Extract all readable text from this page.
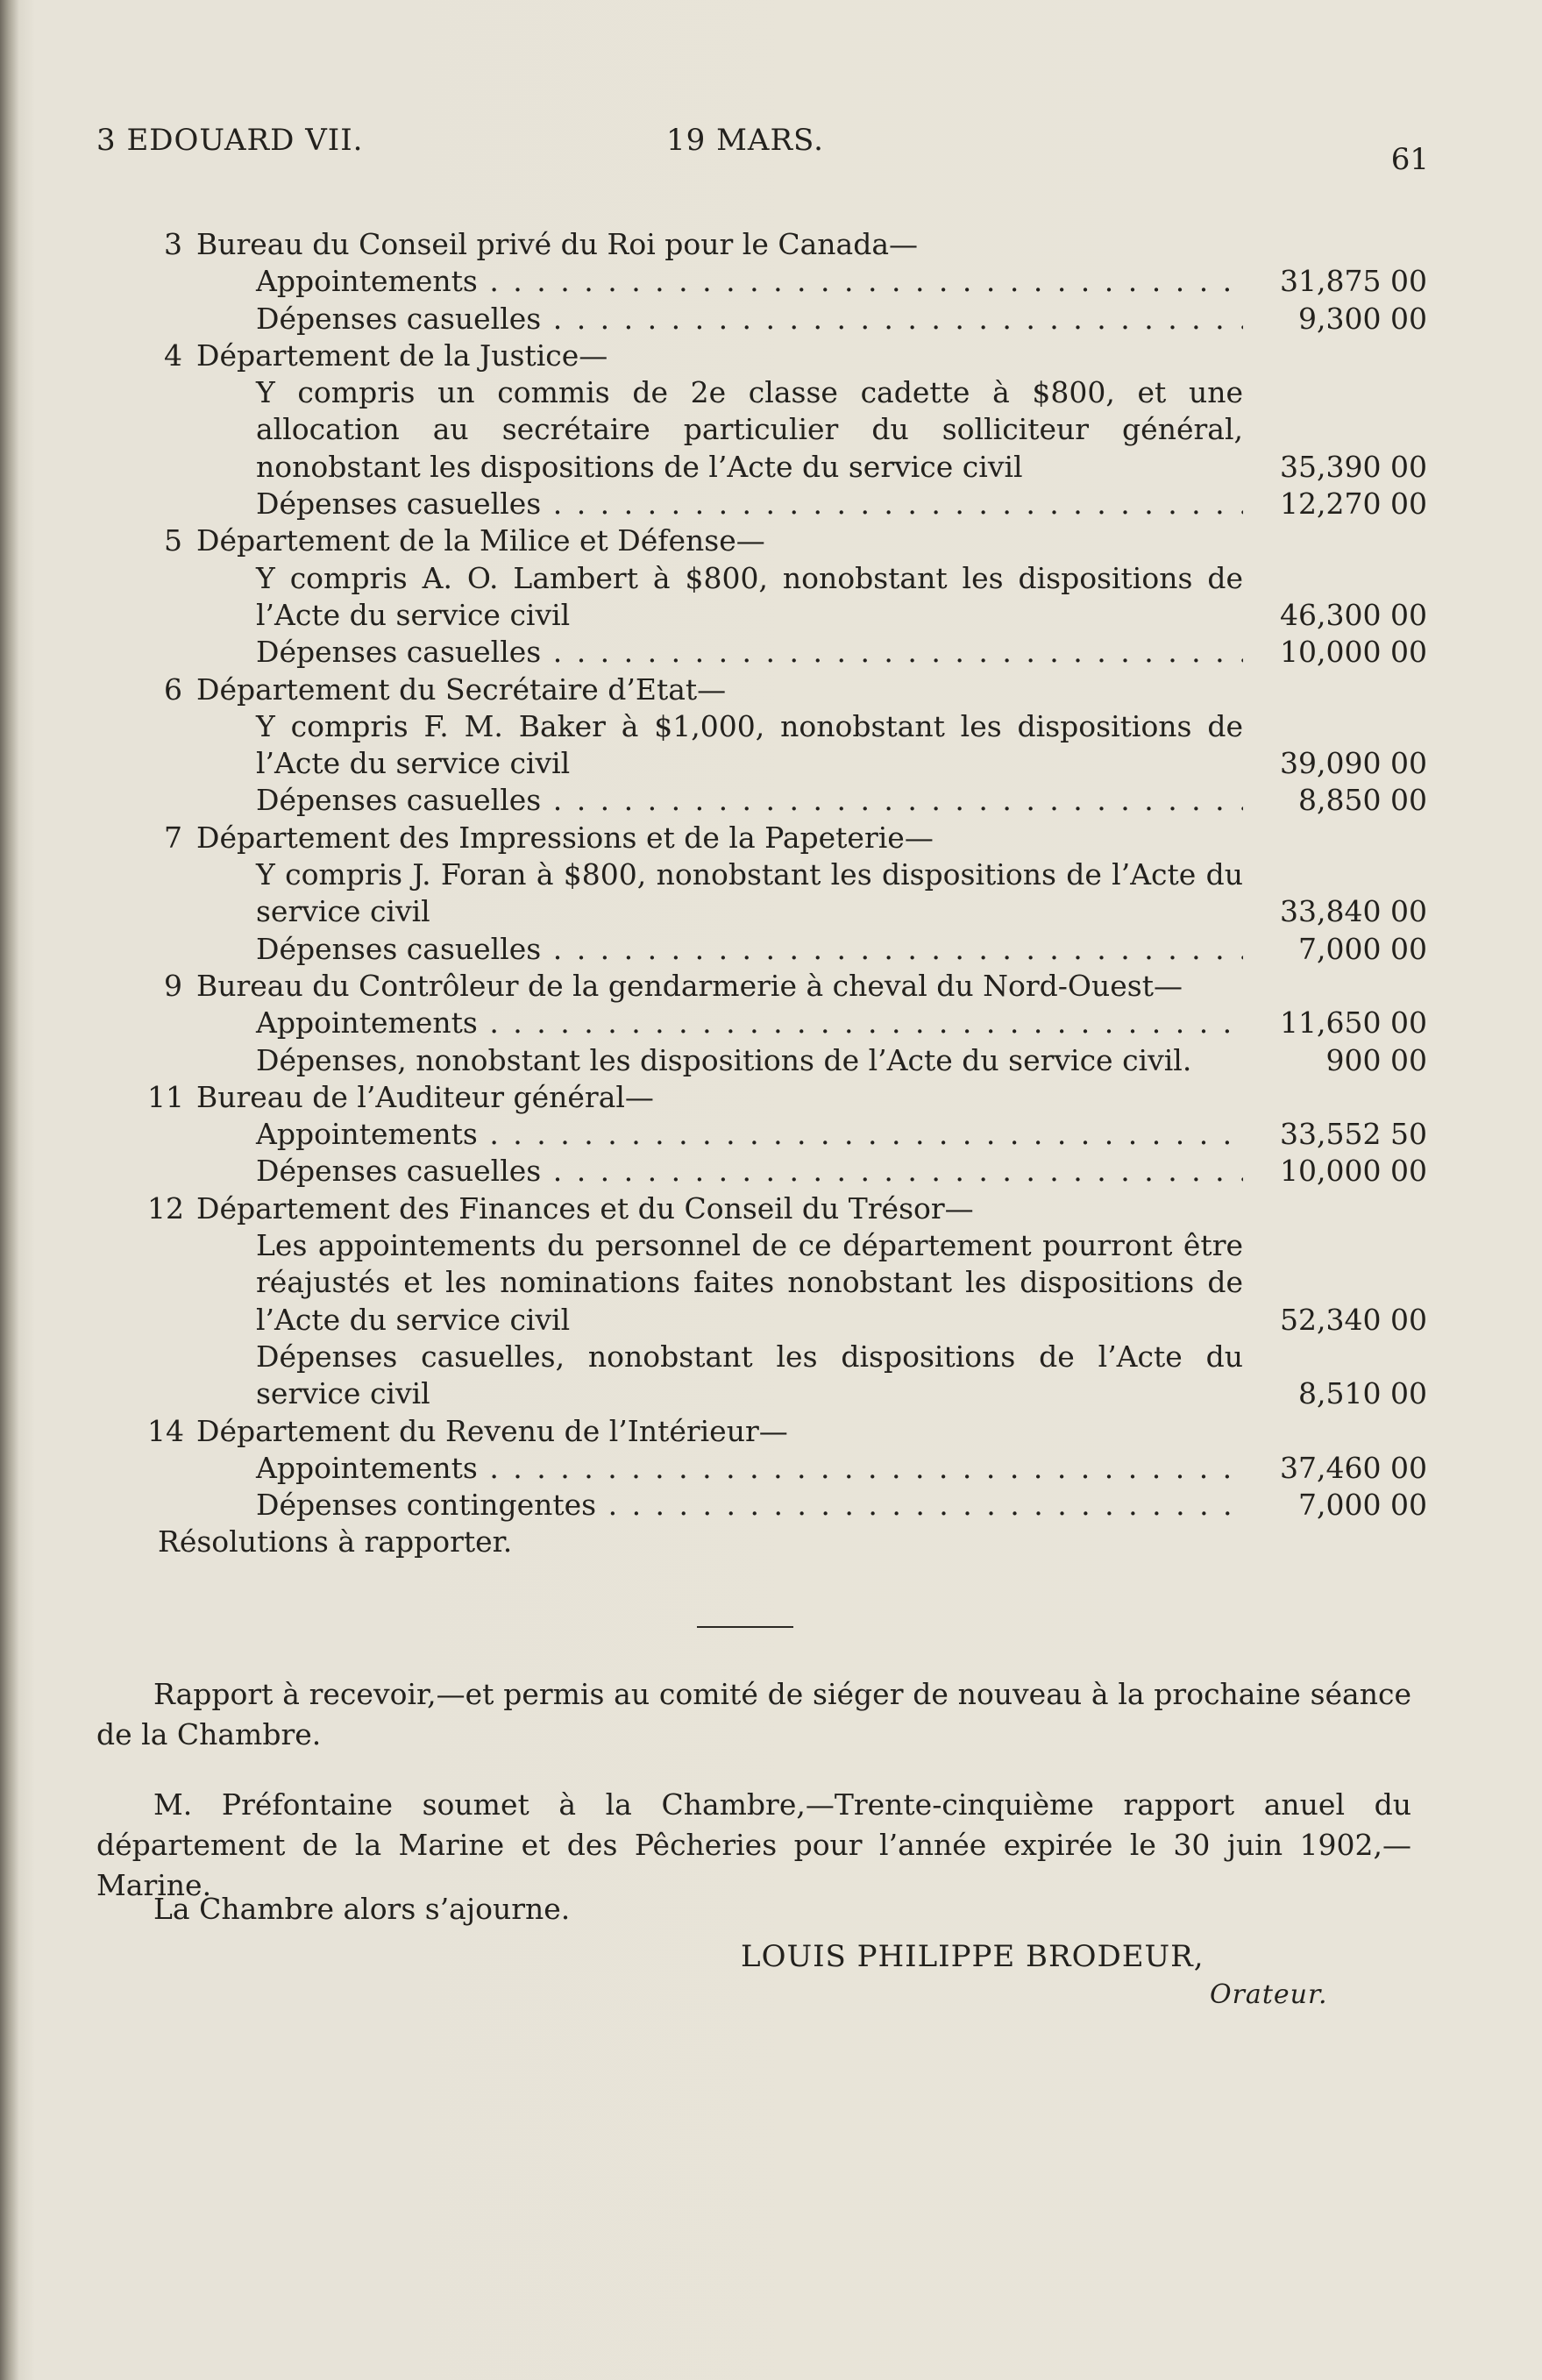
3 EDOUARD VII.	19 MARS.
61
3 Bureau du Conseil privé du Roi pour le Canada—
Appointements . . .	31,875 00
Dépenses casuelles . . .	9,300 00
4 Département de la Justice—
Y compris un commis de 2e classe cadette à $800, et une allocation au secrétaire particulier du solliciteur général, nonobstant les dispositions de l’Acte du service civil	35,390 00
Dépenses casuelles . . .	12,270 00
5 Département de la Milice et Défense—
Y compris A. O. Lambert à $800, nonobstant les dispositions de l’Acte du service civil	46,300 00
Dépenses casuelles . . .	10,000 00
6 Département du Secrétaire d’Etat—
Y compris F. M. Baker à $1,000, nonobstant les dispositions de l’Acte du service civil	39,090 00
Dépenses casuelles . . .	8,850 00
7 Département des Impressions et de la Papeterie—
Y compris J. Foran à $800, nonobstant les dispositions de l’Acte du service civil	33,840 00
Dépenses casuelles . . .	7,000 00
9 Bureau du Contrôleur de la gendarmerie à cheval du Nord-Ouest—
Appointements . . .	11,650 00
Dépenses, nonobstant les dispositions de l’Acte du service civil.	900 00
11 Bureau de l’Auditeur général—
Appointements . . .	33,552 50
Dépenses casuelles . . .	10,000 00
12 Département des Finances et du Conseil du Trésor—
Les appointements du personnel de ce département pourront être réajustés et les nominations faites nonobstant les dispositions de l’Acte du service civil	52,340 00
Dépenses casuelles, nonobstant les dispositions de l’Acte du service civil	8,510 00
14 Département du Revenu de l’Intérieur—
Appointements . . .	37,460 00
Dépenses contingentes . . .	7,000 00
Résolutions à rapporter.
Rapport à recevoir,—et permis au comité de siéger de nouveau à la prochaine séance de la Chambre.
M. Préfontaine soumet à la Chambre,—Trente-cinquième rapport anuel du département de la Marine et des Pêcheries pour l’année expirée le 30 juin 1902,—Marine.
La Chambre alors s’ajourne.
LOUIS PHILIPPE BRODEUR,
Orateur.
